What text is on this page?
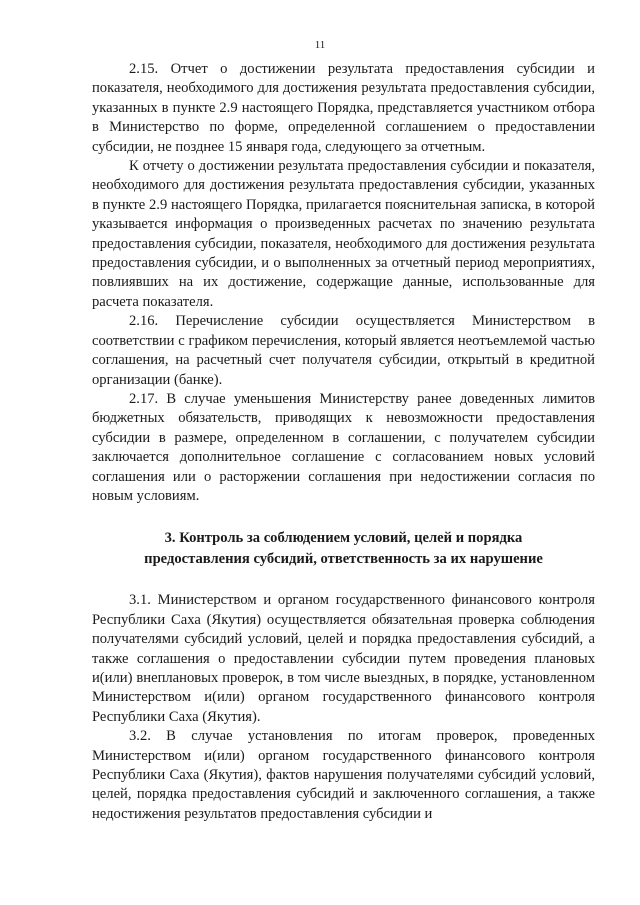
11

2.15. Отчет о достижении результата предоставления субсидии и показателя, необходимого для достижения результата предоставления субсидии, указанных в пункте 2.9 настоящего Порядка, представляется участником отбора в Министерство по форме, определенной соглашением о предоставлении субсидии, не позднее 15 января года, следующего за отчетным.

К отчету о достижении результата предоставления субсидии и показателя, необходимого для достижения результата предоставления субсидии, указанных в пункте 2.9 настоящего Порядка, прилагается пояснительная записка, в которой указывается информация о произведенных расчетах по значению результата предоставления субсидии, показателя, необходимого для достижения результата предоставления субсидии, и о выполненных за отчетный период мероприятиях, повлиявших на их достижение, содержащие данные, использованные для расчета показателя.

2.16. Перечисление субсидии осуществляется Министерством в соответствии с графиком перечисления, который является неотъемлемой частью соглашения, на расчетный счет получателя субсидии, открытый в кредитной организации (банке).

2.17. В случае уменьшения Министерству ранее доведенных лимитов бюджетных обязательств, приводящих к невозможности предоставления субсидии в размере, определенном в соглашении, с получателем субсидии заключается дополнительное соглашение с согласованием новых условий соглашения или о расторжении соглашения при недостижении согласия по новым условиям.

3. Контроль за соблюдением условий, целей и порядка
предоставления субсидий, ответственность за их нарушение

3.1. Министерством и органом государственного финансового контроля Республики Саха (Якутия) осуществляется обязательная проверка соблюдения получателями субсидий условий, целей и порядка предоставления субсидий, а также соглашения о предоставлении субсидии путем проведения плановых и(или) внеплановых проверок, в том числе выездных, в порядке, установленном Министерством и(или) органом государственного финансового контроля Республики Саха (Якутия).

3.2. В случае установления по итогам проверок, проведенных Министерством и(или) органом государственного финансового контроля Республики Саха (Якутия), фактов нарушения получателями субсидий условий, целей, порядка предоставления субсидий и заключенного соглашения, а также недостижения результатов предоставления субсидии и
